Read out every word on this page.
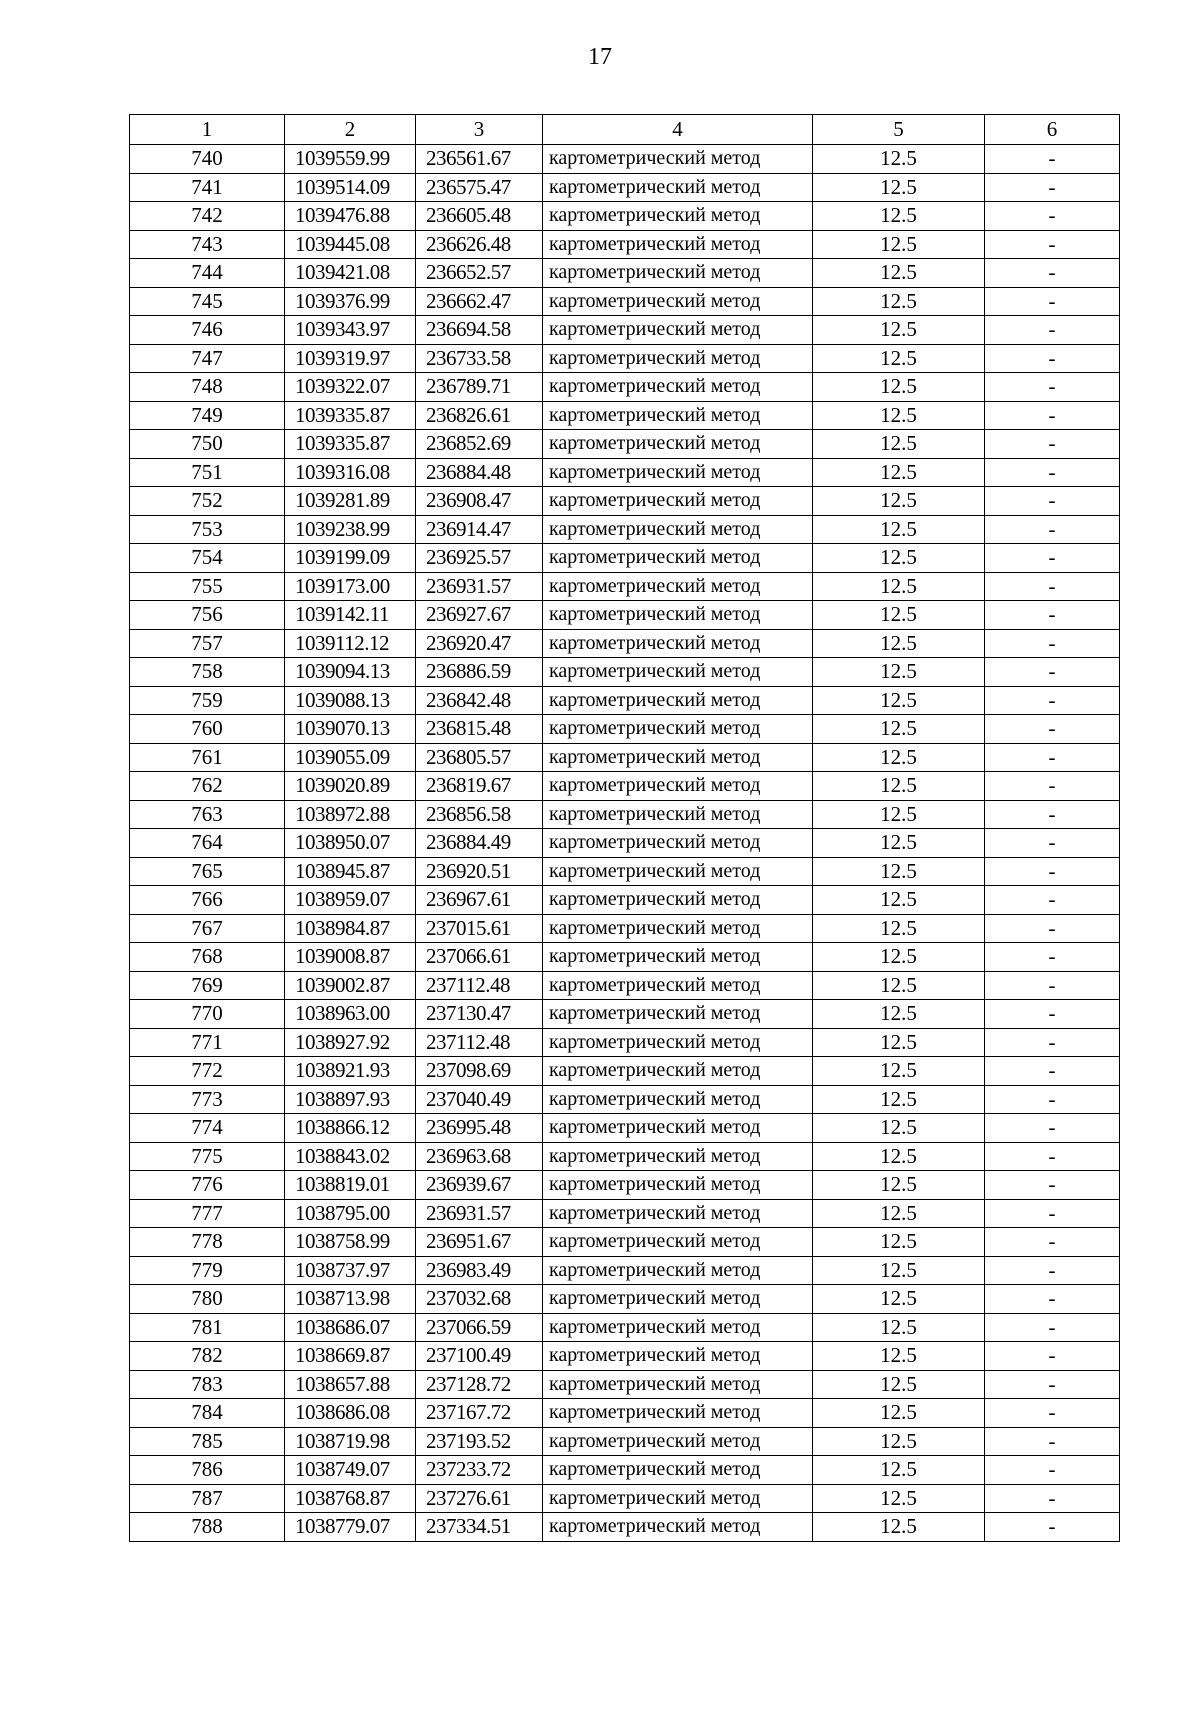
17
1	2	3	4	5	6
740	1039559.99	236561.67	картометрический метод	12.5	-
741	1039514.09	236575.47	картометрический метод	12.5	-
742	1039476.88	236605.48	картометрический метод	12.5	-
743	1039445.08	236626.48	картометрический метод	12.5	-
744	1039421.08	236652.57	картометрический метод	12.5	-
745	1039376.99	236662.47	картометрический метод	12.5	-
746	1039343.97	236694.58	картометрический метод	12.5	-
747	1039319.97	236733.58	картометрический метод	12.5	-
748	1039322.07	236789.71	картометрический метод	12.5	-
749	1039335.87	236826.61	картометрический метод	12.5	-
750	1039335.87	236852.69	картометрический метод	12.5	-
751	1039316.08	236884.48	картометрический метод	12.5	-
752	1039281.89	236908.47	картометрический метод	12.5	-
753	1039238.99	236914.47	картометрический метод	12.5	-
754	1039199.09	236925.57	картометрический метод	12.5	-
755	1039173.00	236931.57	картометрический метод	12.5	-
756	1039142.11	236927.67	картометрический метод	12.5	-
757	1039112.12	236920.47	картометрический метод	12.5	-
758	1039094.13	236886.59	картометрический метод	12.5	-
759	1039088.13	236842.48	картометрический метод	12.5	-
760	1039070.13	236815.48	картометрический метод	12.5	-
761	1039055.09	236805.57	картометрический метод	12.5	-
762	1039020.89	236819.67	картометрический метод	12.5	-
763	1038972.88	236856.58	картометрический метод	12.5	-
764	1038950.07	236884.49	картометрический метод	12.5	-
765	1038945.87	236920.51	картометрический метод	12.5	-
766	1038959.07	236967.61	картометрический метод	12.5	-
767	1038984.87	237015.61	картометрический метод	12.5	-
768	1039008.87	237066.61	картометрический метод	12.5	-
769	1039002.87	237112.48	картометрический метод	12.5	-
770	1038963.00	237130.47	картометрический метод	12.5	-
771	1038927.92	237112.48	картометрический метод	12.5	-
772	1038921.93	237098.69	картометрический метод	12.5	-
773	1038897.93	237040.49	картометрический метод	12.5	-
774	1038866.12	236995.48	картометрический метод	12.5	-
775	1038843.02	236963.68	картометрический метод	12.5	-
776	1038819.01	236939.67	картометрический метод	12.5	-
777	1038795.00	236931.57	картометрический метод	12.5	-
778	1038758.99	236951.67	картометрический метод	12.5	-
779	1038737.97	236983.49	картометрический метод	12.5	-
780	1038713.98	237032.68	картометрический метод	12.5	-
781	1038686.07	237066.59	картометрический метод	12.5	-
782	1038669.87	237100.49	картометрический метод	12.5	-
783	1038657.88	237128.72	картометрический метод	12.5	-
784	1038686.08	237167.72	картометрический метод	12.5	-
785	1038719.98	237193.52	картометрический метод	12.5	-
786	1038749.07	237233.72	картометрический метод	12.5	-
787	1038768.87	237276.61	картометрический метод	12.5	-
788	1038779.07	237334.51	картометрический метод	12.5	-
